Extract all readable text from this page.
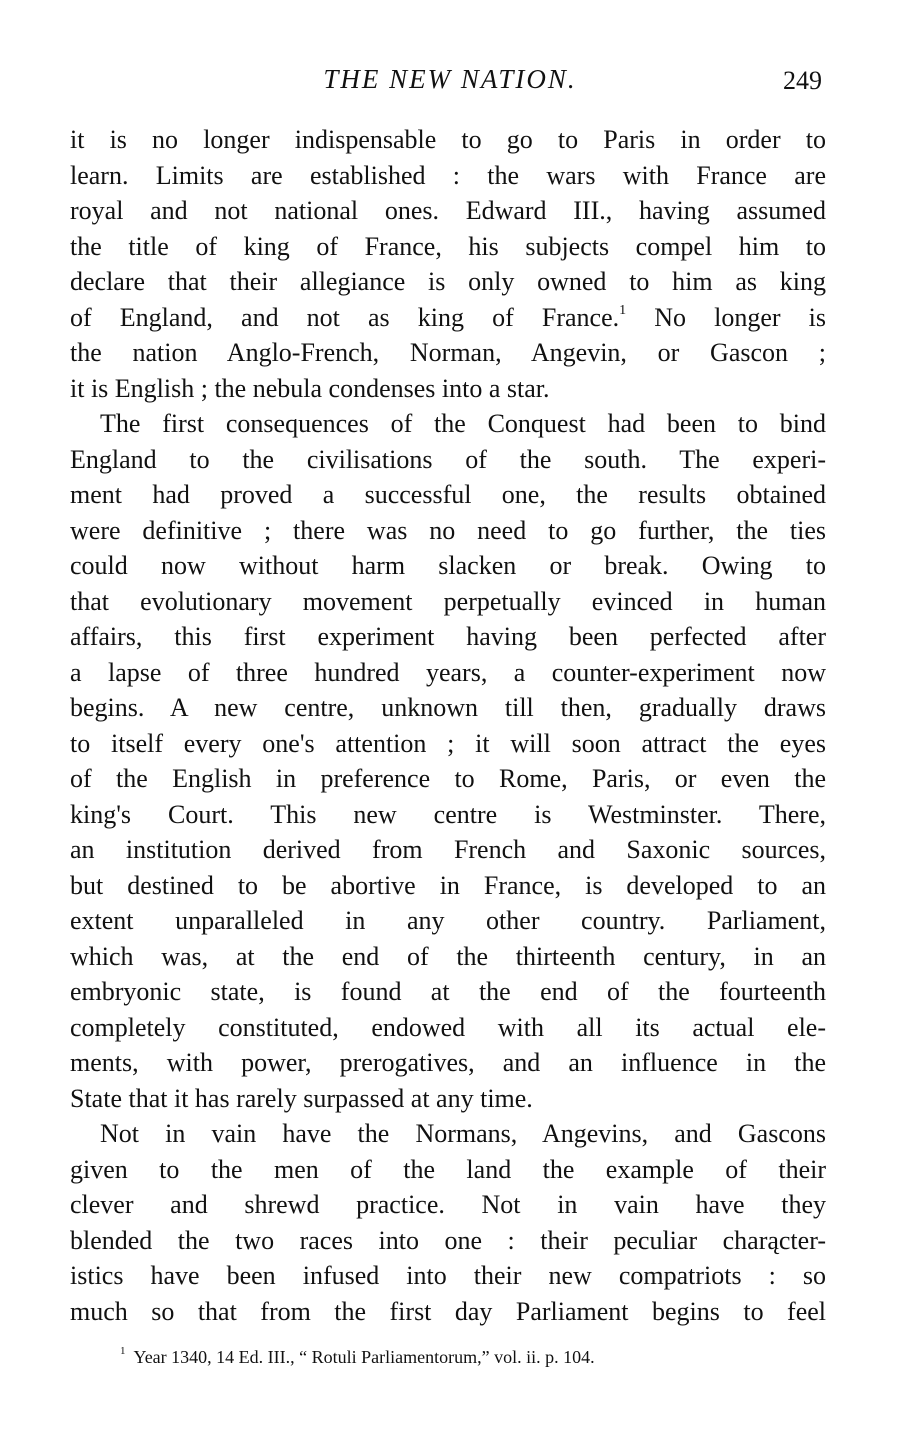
THE NEW NATION.	249
it is no longer indispensable to go to Paris in order to
learn. Limits are established : the wars with France are
royal and not national ones. Edward III., having assumed
the title of king of France, his subjects compel him to
declare that their allegiance is only owned to him as king
of England, and not as king of France.$^1$ No longer is
the nation Anglo-French, Norman, Angevin, or Gascon ;
it is English ; the nebula condenses into a star.
The first consequences of the Conquest had been to bind
England to the civilisations of the south. The experi-
ment had proved a successful one, the results obtained
were definitive ; there was no need to go further, the ties
could now without harm slacken or break. Owing to
that evolutionary movement perpetually evinced in human
affairs, this first experiment having been perfected after
a lapse of three hundred years, a counter-experiment now
begins. A new centre, unknown till then, gradually draws
to itself every one's attention ; it will soon attract the eyes
of the English in preference to Rome, Paris, or even the
king's Court. This new centre is Westminster. There,
an institution derived from French and Saxonic sources,
but destined to be abortive in France, is developed to an
extent unparalleled in any other country. Parliament,
which was, at the end of the thirteenth century, in an
embryonic state, is found at the end of the fourteenth
completely constituted, endowed with all its actual ele-
ments, with power, prerogatives, and an influence in the
State that it has rarely surpassed at any time.
Not in vain have the Normans, Angevins, and Gascons
given to the men of the land the example of their
clever and shrewd practice. Not in vain have they
blended the two races into one : their peculiar charącter-
istics have been infused into their new compatriots : so
much so that from the first day Parliament begins to feel
$^1$ Year 1340, 14 Ed. III., “ Rotuli Parliamentorum,” vol. ii. p. 104.
